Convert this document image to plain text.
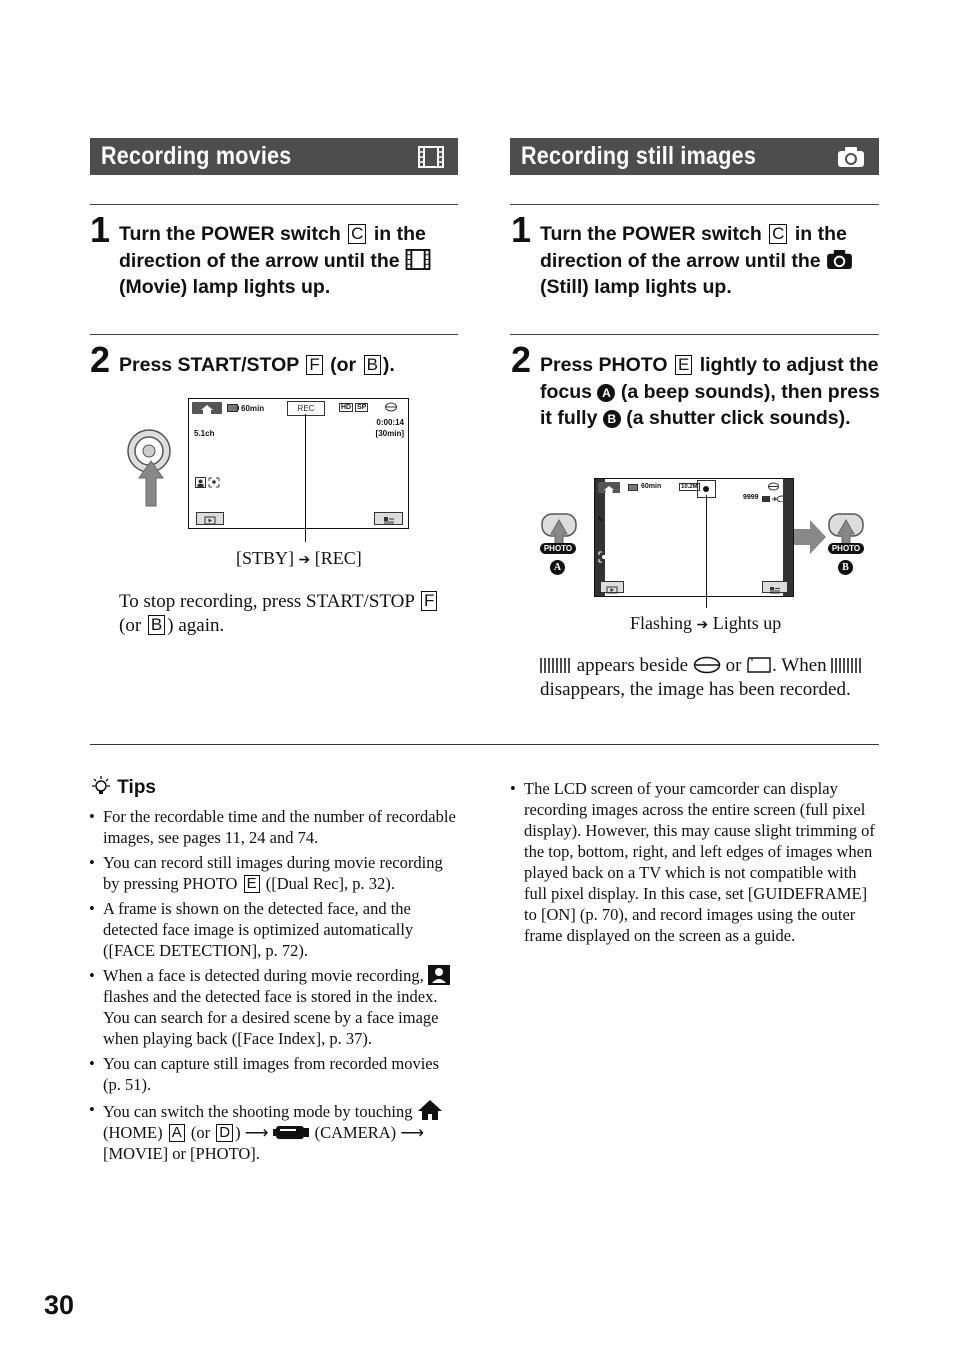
Recording movies
1 Turn the POWER switch C in the direction of the arrow until the  (Movie) lamp lights up.
2 Press START/STOP F (or B ).
60min	REC	HD SP
5.1ch
0:00:14
[30min]
[STBY] ➔ [REC]
To stop recording, press START/STOP F (or B ) again.
Recording still images
1 Turn the POWER switch C in the direction of the arrow until the  (Still) lamp lights up.
2 Press PHOTO E lightly to adjust the focus A (a beep sounds), then press it fully B (a shutter click sounds).
PHOTO
A
60min	10.2M
9999
ϟ
PHOTO
B
Flashing ➔ Lights up
appears beside or . When  disappears, the image has been recorded.
Tips
• For the recordable time and the number of recordable images, see pages 11, 24 and 74.
• You can record still images during movie recording by pressing PHOTO E ([Dual Rec], p. 32).
• A frame is shown on the detected face, and the detected face image is optimized automatically ([FACE DETECTION], p. 72).
• When a face is detected during movie recording,  flashes and the detected face is stored in the index. You can search for a desired scene by a face image when playing back ([Face Index], p. 37).
• You can capture still images from recorded movies (p. 51).
• You can switch the shooting mode by touching  (HOME) A (or D ) ⟶	(CAMERA) ⟶ [MOVIE] or [PHOTO].
• The LCD screen of your camcorder can display recording images across the entire screen (full pixel display). However, this may cause slight trimming of the top, bottom, right, and left edges of images when played back on a TV which is not compatible with full pixel display. In this case, set [GUIDEFRAME] to [ON] (p. 70), and record images using the outer frame displayed on the screen as a guide.
30
